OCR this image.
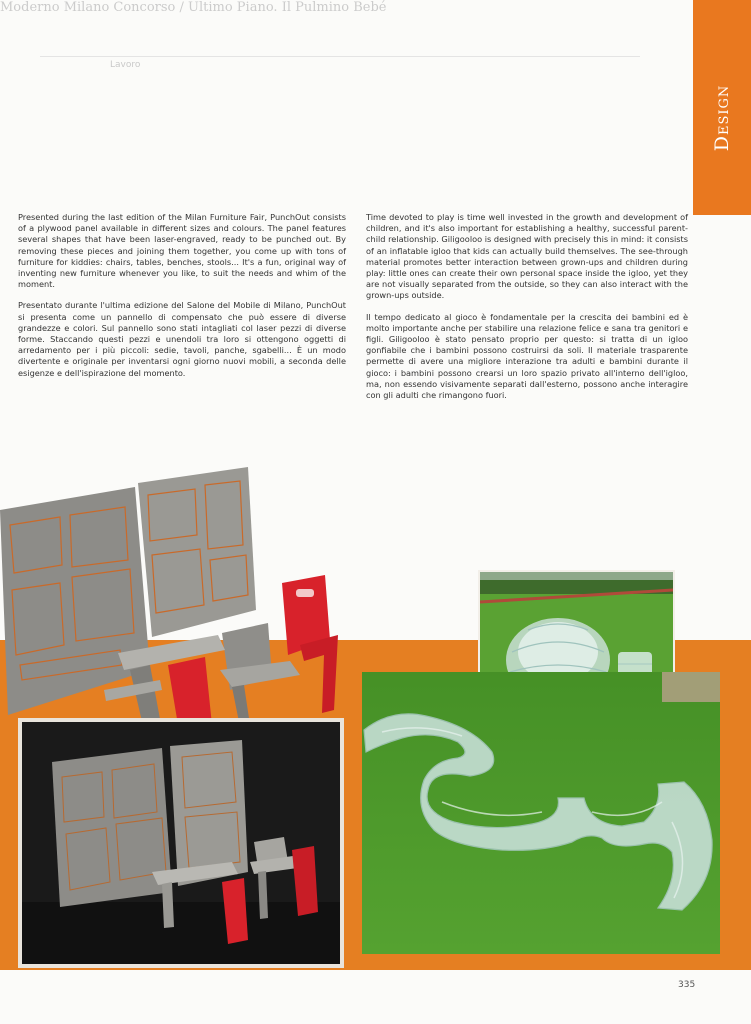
Moderno Milano Concorso / Ultimo Piano. Il Pulmino Bebé
Lavoro
Design

Presented during the last edition of the Milan Furniture Fair, PunchOut consists of a plywood panel available in different sizes and colours. The panel features several shapes that have been laser-engraved, ready to be punched out. By removing these pieces and joining them together, you come up with tons of furniture for kiddies: chairs, tables, benches, stools... It's a fun, original way of inventing new furniture whenever you like, to suit the needs and whim of the moment.

Presentato durante l'ultima edizione del Salone del Mobile di Milano, PunchOut si presenta come un pannello di compensato che può essere di diverse grandezze e colori. Sul pannello sono stati intagliati col laser pezzi di diverse forme. Staccando questi pezzi e unendoli tra loro si ottengono oggetti di arredamento per i più piccoli: sedie, tavoli, panche, sgabelli... È un modo divertente e originale per inventarsi ogni giorno nuovi mobili, a seconda delle esigenze e dell'ispirazione del momento.

Time devoted to play is time well invested in the growth and development of children, and it's also important for establishing a healthy, successful parent-child relationship. Giligooloo is designed with precisely this in mind: it consists of an inflatable igloo that kids can actually build themselves. The see-through material promotes better interaction between grown-ups and children during play: little ones can create their own personal space inside the igloo, yet they are not visually separated from the outside, so they can also interact with the grown-ups outside.

Il tempo dedicato al gioco è fondamentale per la crescita dei bambini ed è molto importante anche per stabilire una relazione felice e sana tra genitori e figli. Giligooloo è stato pensato proprio per questo: si tratta di un igloo gonfiabile che i bambini possono costruirsi da soli. Il materiale trasparente permette di avere una migliore interazione tra adulti e bambini durante il gioco: i bambini possono crearsi un loro spazio privato all'interno dell'igloo, ma, non essendo visivamente separati dall'esterno, possono anche interagire con gli adulti che rimangono fuori.

335
